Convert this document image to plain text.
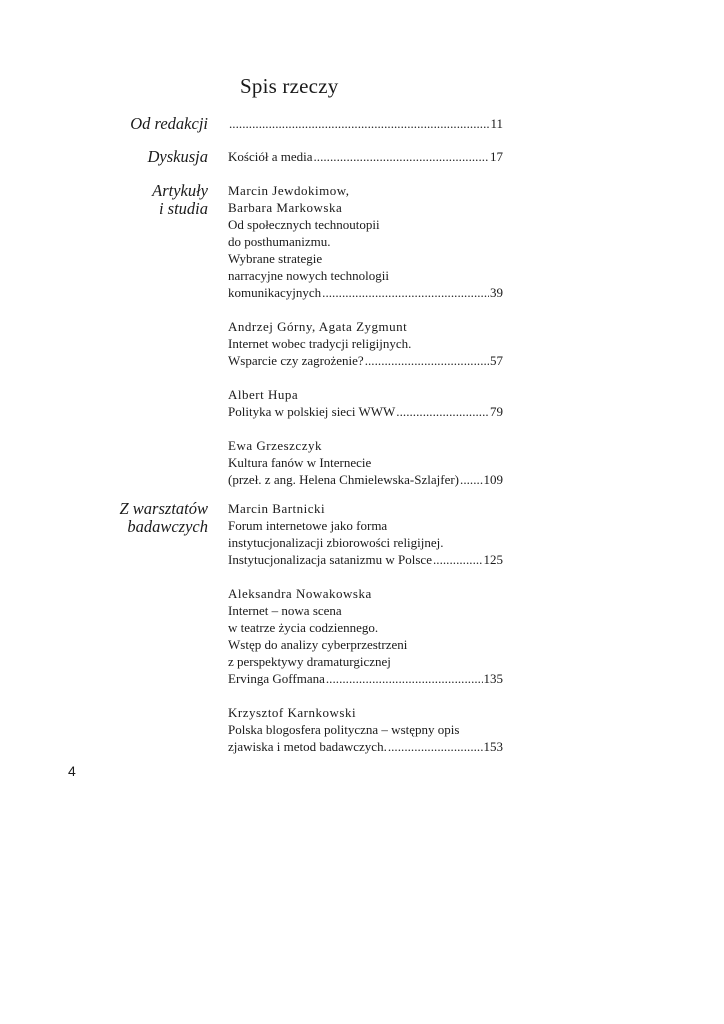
Spis rzeczy
Od redakcji . . .	11
Dyskusja Kościół a media . . .	17
Artykuły
i studia
Marcin Jewdokimow,
Barbara Markowska
Od społecznych technoutopii
do posthumanizmu.
Wybrane strategie
narracyjne nowych technologii
komunikacyjnych . . .	39
Andrzej Górny, Agata Zygmunt
Internet wobec tradycji religijnych.
Wsparcie czy zagrożenie? . . .	57
Albert Hupa
Polityka w polskiej sieci WWW . . .	79
Ewa Grzeszczyk
Kultura fanów w Internecie
(przeł. z ang. Helena Chmielewska-Szlajfer) . . . 109
Z warsztatów
badawczych
Marcin Bartnicki
Forum internetowe jako forma
instytucjonalizacji zbiorowości religijnej.
Instytucjonalizacja satanizmu w Polsce . . .	125
Aleksandra Nowakowska
Internet – nowa scena
w teatrze życia codziennego.
Wstęp do analizy cyberprzestrzeni
z perspektywy dramaturgicznej
Ervinga Goffmana . . .	135
Krzysztof Karnkowski
Polska blogosfera polityczna – wstępny opis
zjawiska i metod badawczych. . . .	153
4
